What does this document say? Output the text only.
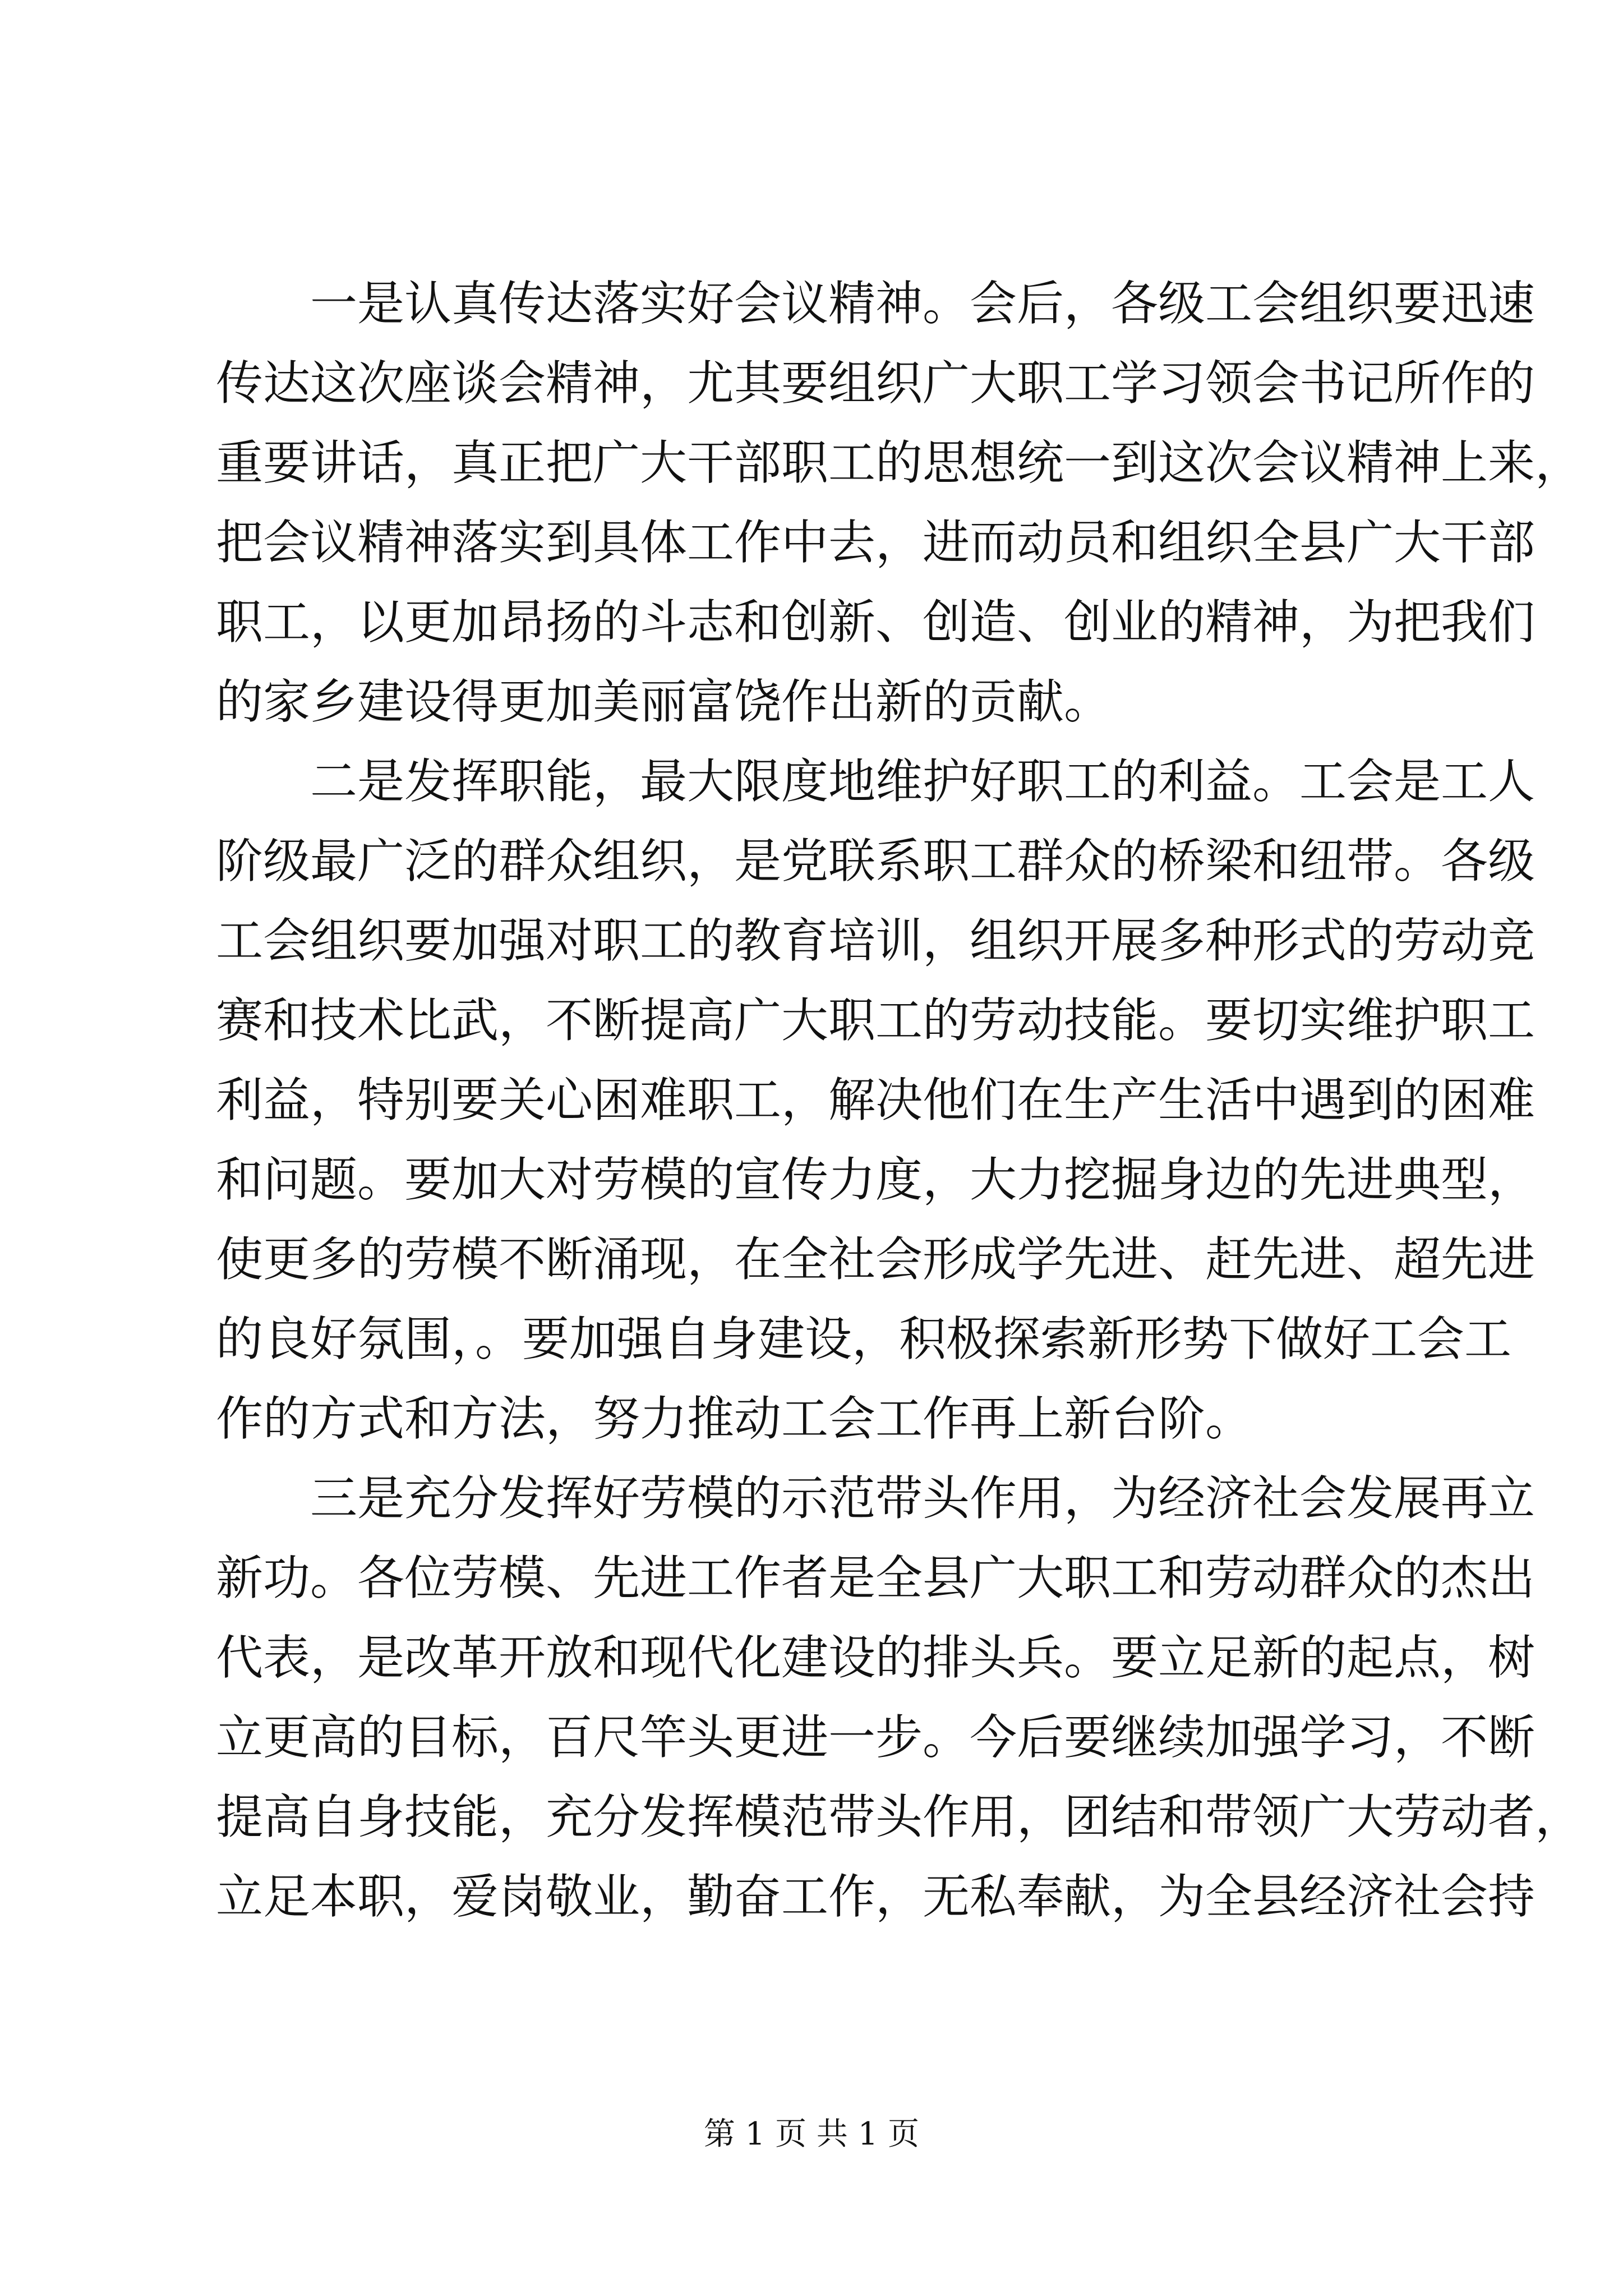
一是认真传达落实好会议精神。会后，各级工会组织要迅速
传达这次座谈会精神，尤其要组织广大职工学习领会书记所作的
重要讲话，真正把广大干部职工的思想统一到这次会议精神上来，
把会议精神落实到具体工作中去，进而动员和组织全县广大干部
职工，以更加昂扬的斗志和创新、创造、创业的精神，为把我们
的家乡建设得更加美丽富饶作出新的贡献。
二是发挥职能，最大限度地维护好职工的利益。工会是工人
阶级最广泛的群众组织，是党联系职工群众的桥梁和纽带。各级
工会组织要加强对职工的教育培训，组织开展多种形式的劳动竞
赛和技术比武，不断提高广大职工的劳动技能。要切实维护职工
利益，特别要关心困难职工，解决他们在生产生活中遇到的困难
和问题。要加大对劳模的宣传力度，大力挖掘身边的先进典型，
使更多的劳模不断涌现，在全社会形成学先进、赶先进、超先进
的良好氛围，。要加强自身建设，积极探索新形势下做好工会工
作的方式和方法，努力推动工会工作再上新台阶。
三是充分发挥好劳模的示范带头作用，为经济社会发展再立
新功。各位劳模、先进工作者是全县广大职工和劳动群众的杰出
代表，是改革开放和现代化建设的排头兵。要立足新的起点，树
立更高的目标，百尺竿头更进一步。今后要继续加强学习，不断
提高自身技能，充分发挥模范带头作用，团结和带领广大劳动者，
立足本职，爱岗敬业，勤奋工作，无私奉献，为全县经济社会持
第 1 页 共 1 页
